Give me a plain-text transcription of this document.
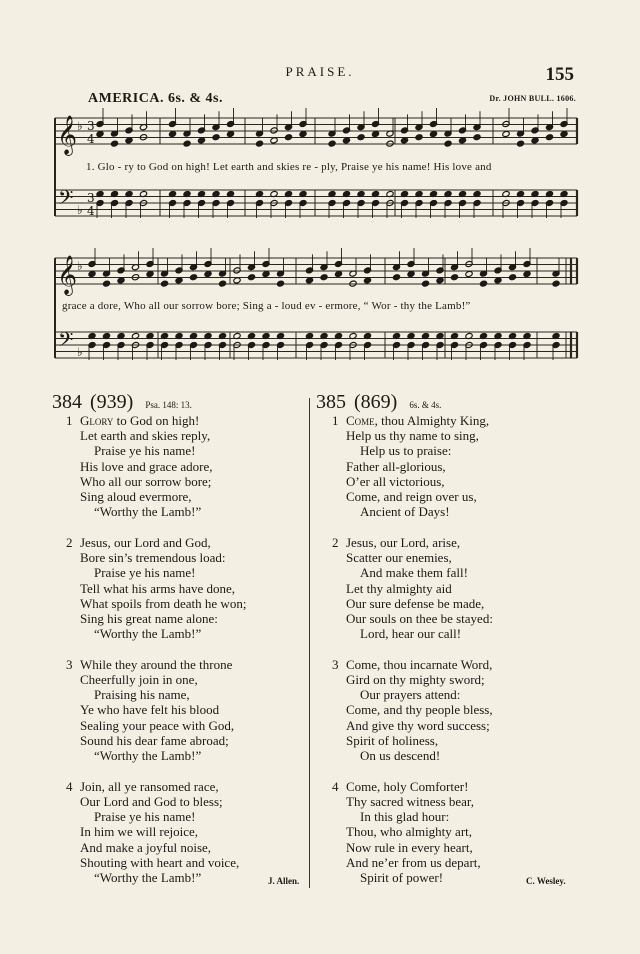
PRAISE.	155
AMERICA. 6s. & 4s.	Dr. JOHN BULL. 1606.
𝄞
𝄢
3
4
3
4
♭
♭
𝄞
𝄢
♭
♭
1. Glo - ry to God on high! Let earth and skies re - ply, Praise ye his name! His love and
grace a dore, Who all our sorrow bore; Sing a - loud ev - ermore, “ Wor - thy the Lamb!”
384 (939) Psa. 148: 13.	385 (869) 6s. & 4s.
1 Glory to God on high!
Let earth and skies reply,
Praise ye his name!
His love and grace adore,
Who all our sorrow bore;
Sing aloud evermore,
“Worthy the Lamb!”
2 Jesus, our Lord and God,
Bore sin’s tremendous load:
Praise ye his name!
Tell what his arms have done,
What spoils from death he won;
Sing his great name alone:
“Worthy the Lamb!”
3 While they around the throne
Cheerfully join in one,
Praising his name,
Ye who have felt his blood
Sealing your peace with God,
Sound his dear fame abroad;
“Worthy the Lamb!”
4 Join, all ye ransomed race,
Our Lord and God to bless;
Praise ye his name!
In him we will rejoice,
And make a joyful noise,
Shouting with heart and voice,
“Worthy the Lamb!”
1 Come, thou Almighty King,
Help us thy name to sing,
Help us to praise:
Father all-glorious,
O’er all victorious,
Come, and reign over us,
Ancient of Days!
2 Jesus, our Lord, arise,
Scatter our enemies,
And make them fall!
Let thy almighty aid
Our sure defense be made,
Our souls on thee be stayed:
Lord, hear our call!
3 Come, thou incarnate Word,
Gird on thy mighty sword;
Our prayers attend:
Come, and thy people bless,
And give thy word success;
Spirit of holiness,
On us descend!
4 Come, holy Comforter!
Thy sacred witness bear,
In this glad hour:
Thou, who almighty art,
Now rule in every heart,
And ne’er from us depart,
Spirit of power!
J. Allen.	C. Wesley.
